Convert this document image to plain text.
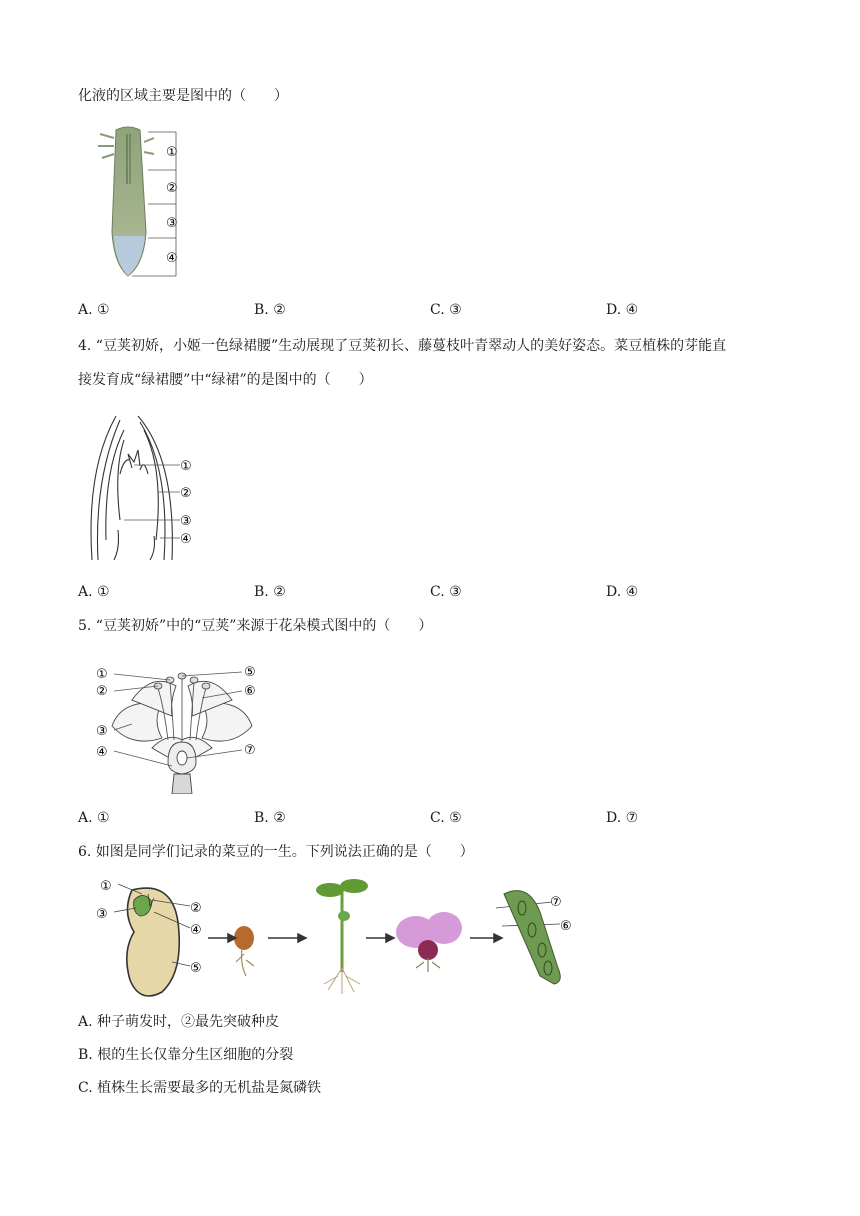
化液的区域主要是图中的（　　）
①
②
③
④
A. ①	B. ②	C. ③	D. ④
4. “豆荚初娇，小姬一色绿裙腰”生动展现了豆荚初长、藤蔓枝叶青翠动人的美好姿态。菜豆植株的芽能直
接发育成“绿裙腰”中“绿裙”的是图中的（　　）
①
②
③
④
A. ①	B. ②	C. ③	D. ④
5. “豆荚初娇”中的“豆荚”来源于花朵模式图中的（　　）
①
②
③
④
⑤
⑥
⑦
A. ①	B. ②	C. ⑤	D. ⑦
6. 如图是同学们记录的菜豆的一生。下列说法正确的是（　　）
①
③	②
④
⑤
⑥
⑦
A. 种子萌发时，②最先突破种皮
B. 根的生长仅靠分生区细胞的分裂
C. 植株生长需要最多的无机盐是氮磷铁
